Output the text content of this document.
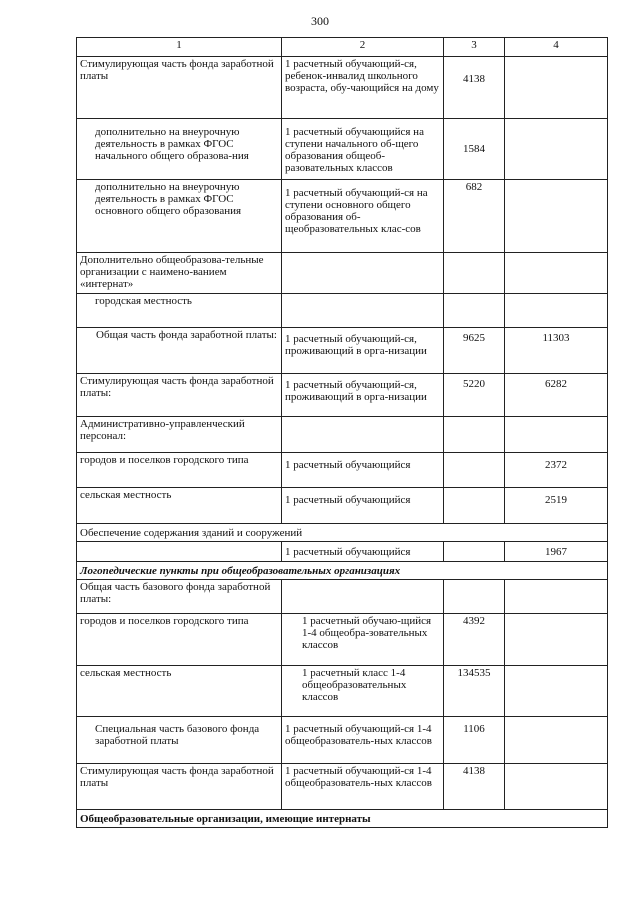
300
1	2	3	4
Стимулирующая часть фонда заработной платы	1 расчетный обучающий-ся, ребенок-инвалид школьного возраста, обу-чающийся на дому	4138	
дополнительно на внеурочную деятельность в рамках ФГОС начального общего образова-ния	1 расчетный обучающийся на ступени начального об-щего образования общеоб-разовательных классов	1584	
дополнительно на внеурочную деятельность в рамках ФГОС основного общего образования	1 расчетный обучающий-ся на ступени основного общего образования об-щеобразовательных клас-сов	682	
Дополнительно общеобразова-тельные организации с наимено-ванием «интернат»			
городская местность			
Общая часть фонда заработной платы:	1 расчетный обучающий-ся, проживающий в орга-низации	9625	11303
Стимулирующая часть фонда заработной платы:	1 расчетный обучающий-ся, проживающий в орга-низации	5220	6282
Административно-управленческий персонал:			
городов и поселков городского типа	1 расчетный обучающийся		2372
сельская местность	1 расчетный обучающийся		2519
Обеспечение содержания зданий и сооружений			
	1 расчетный обучающийся		1967
Логопедические пункты при общеобразовательных организациях			
Общая часть базового фонда заработной платы:			
городов и поселков городского типа	1 расчетный обучаю-щийся 1-4 общеобра-зовательных классов	4392	
сельская местность	1 расчетный класс 1-4 общеобразовательных классов	134535	
Специальная часть базового фонда заработной платы	1 расчетный обучающий-ся 1-4 общеобразователь-ных классов	1106	
Стимулирующая часть фонда заработной платы	1 расчетный обучающий-ся 1-4 общеобразователь-ных классов	4138	
Общеобразовательные организации, имеющие интернаты			
